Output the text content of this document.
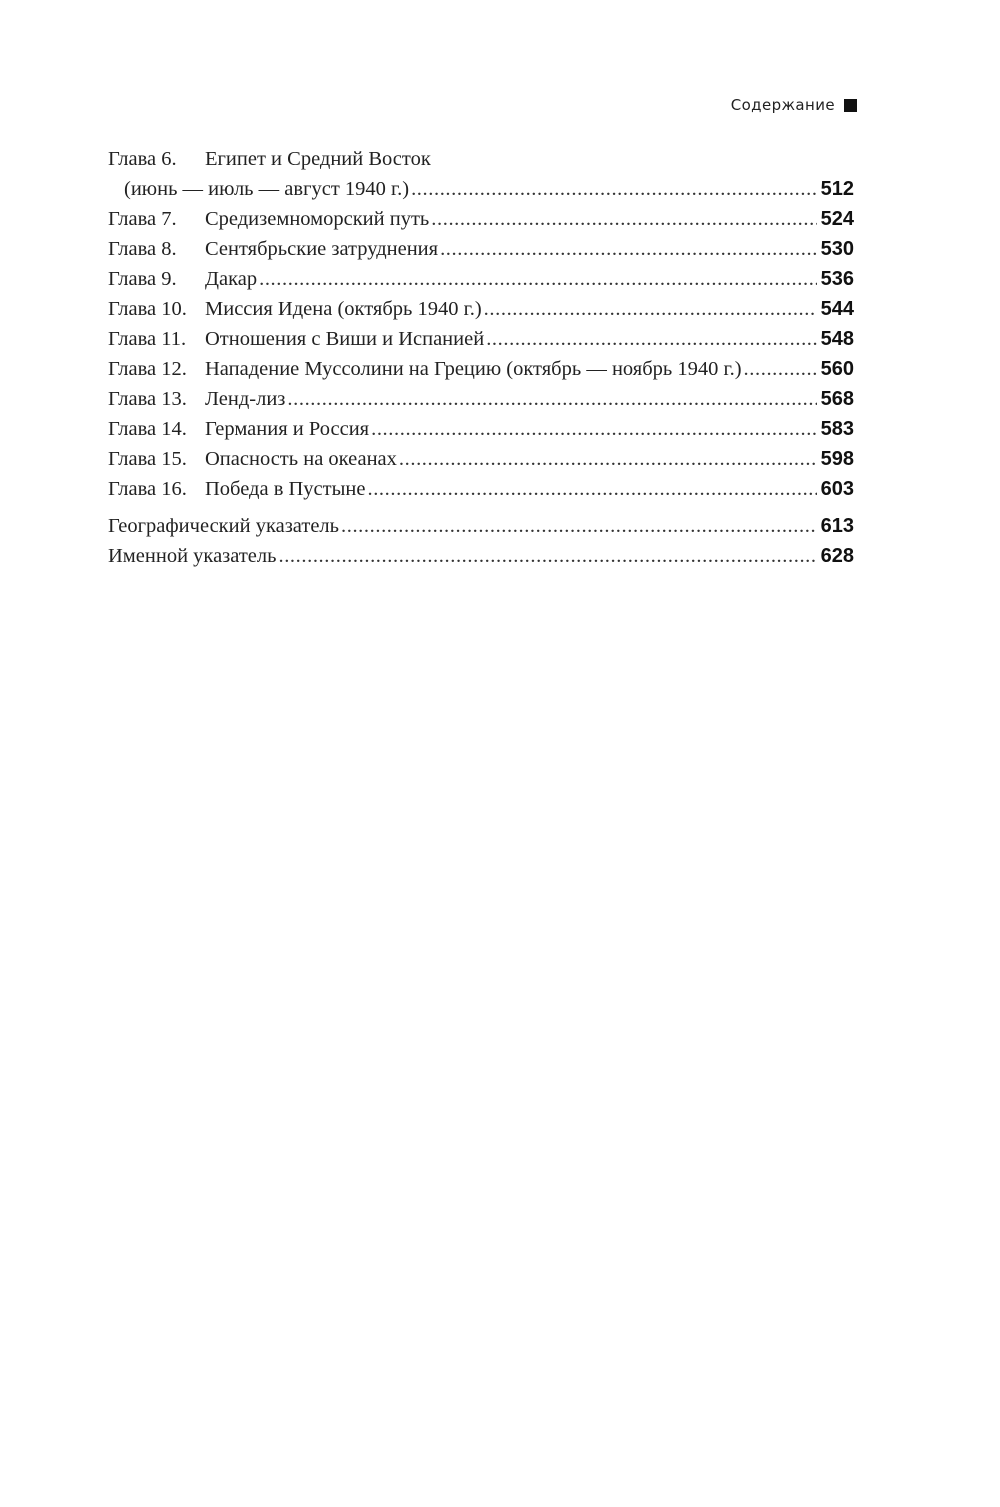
Содержание
Глава 6.	Египет и Средний Восток
(июнь — июль — август 1940 г.) .....	512
Глава 7.	Средиземноморский путь .....	524
Глава 8.	Сентябрьские затруднения .....	530
Глава 9.	Дакар .....	536
Глава 10. Миссия Идена (октябрь 1940 г.) .....	544
Глава 11. Отношения с Виши и Испанией .....	548
Глава 12. Нападение Муссолини на Грецию (октябрь — ноябрь 1940 г.) .....	560
Глава 13. Ленд-лиз .....	568
Глава 14. Германия и Россия .....	583
Глава 15. Опасность на океанах .....	598
Глава 16. Победа в Пустыне .....	603
Географический указатель .....	613
Именной указатель .....	628
